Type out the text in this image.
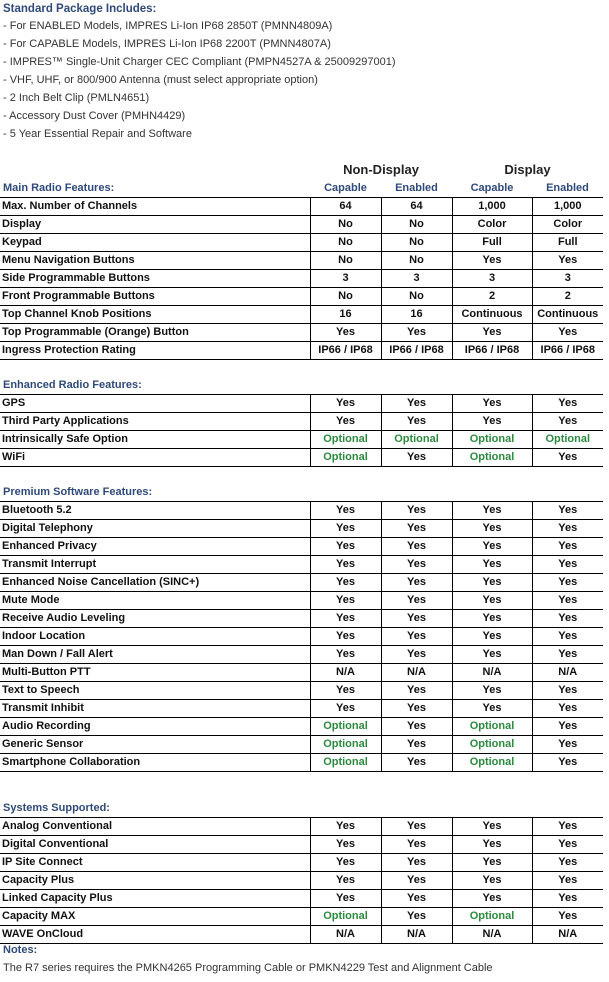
Standard Package Includes:
- For ENABLED Models, IMPRES Li-Ion IP68 2850T (PMNN4809A)
- For CAPABLE Models, IMPRES Li-Ion IP68 2200T (PMNN4807A)
- IMPRES™ Single-Unit Charger CEC Compliant (PMPN4527A & 25009297001)
- VHF, UHF, or 800/900 Antenna (must select appropriate option)
- 2 Inch Belt Clip (PMLN4651)
- Accessory Dust Cover (PMHN4429)
- 5 Year Essential Repair and Software
Non-Display	Display
Capable	Enabled	Capable	Enabled
Main Radio Features:
Enhanced Radio Features:
Premium Software Features:
Systems Supported:
Max. Number of Channels	64	64	1,000	1,000
Display	No	No	Color	Color
Keypad	No	No	Full	Full
Menu Navigation Buttons	No	No	Yes	Yes
Side Programmable Buttons	3	3	3	3
Front Programmable Buttons	No	No	2	2
Top Channel Knob Positions	16	16	Continuous	Continuous
Top Programmable (Orange) Button	Yes	Yes	Yes	Yes
Ingress Protection Rating	IP66 / IP68	IP66 / IP68	IP66 / IP68	IP66 / IP68
GPS	Yes	Yes	Yes	Yes
Third Party Applications	Yes	Yes	Yes	Yes
Intrinsically Safe Option	Optional	Optional	Optional	Optional
WiFi	Optional	Yes	Optional	Yes
Bluetooth 5.2	Yes	Yes	Yes	Yes
Digital Telephony	Yes	Yes	Yes	Yes
Enhanced Privacy	Yes	Yes	Yes	Yes
Transmit Interrupt	Yes	Yes	Yes	Yes
Enhanced Noise Cancellation (SINC+)	Yes	Yes	Yes	Yes
Mute Mode	Yes	Yes	Yes	Yes
Receive Audio Leveling	Yes	Yes	Yes	Yes
Indoor Location	Yes	Yes	Yes	Yes
Man Down / Fall Alert	Yes	Yes	Yes	Yes
Multi-Button PTT	N/A	N/A	N/A	N/A
Text to Speech	Yes	Yes	Yes	Yes
Transmit Inhibit	Yes	Yes	Yes	Yes
Audio Recording	Optional	Yes	Optional	Yes
Generic Sensor	Optional	Yes	Optional	Yes
Smartphone Collaboration	Optional	Yes	Optional	Yes
Analog Conventional	Yes	Yes	Yes	Yes
Digital Conventional	Yes	Yes	Yes	Yes
IP Site Connect	Yes	Yes	Yes	Yes
Capacity Plus	Yes	Yes	Yes	Yes
Linked Capacity Plus	Yes	Yes	Yes	Yes
Capacity MAX	Optional	Yes	Optional	Yes
WAVE OnCloud	N/A	N/A	N/A	N/A
Notes:
The R7 series requires the PMKN4265 Programming Cable or PMKN4229 Test and Alignment Cable
